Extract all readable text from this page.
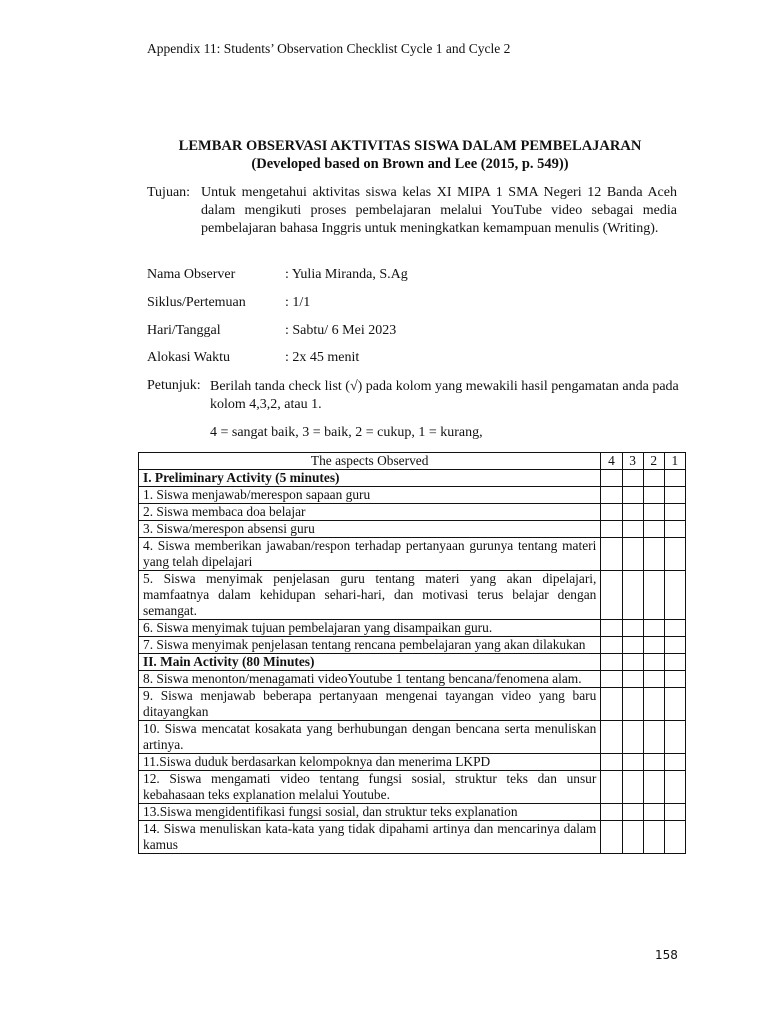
Appendix 11: Students’ Observation Checklist Cycle 1 and Cycle 2
LEMBAR OBSERVASI AKTIVITAS SISWA DALAM PEMBELAJARAN
(Developed based on Brown and Lee (2015, p. 549))
Tujuan: Untuk mengetahui aktivitas siswa kelas XI MIPA 1 SMA Negeri 12 Banda Aceh dalam mengikuti proses pembelajaran melalui YouTube video sebagai media pembelajaran bahasa Inggris untuk meningkatkan kemampuan menulis (Writing).
Nama Observer	: Yulia Miranda, S.Ag
Siklus/Pertemuan	: 1/1
Hari/Tanggal	: Sabtu/ 6 Mei 2023
Alokasi Waktu	: 2x 45 menit
Petunjuk: Berilah tanda check list (√) pada kolom yang mewakili hasil pengamatan anda pada kolom 4,3,2, atau 1.
4 = sangat baik, 3 = baik, 2 = cukup, 1 = kurang,
The aspects Observed	4	3	2	1
I. Preliminary Activity (5 minutes)				
1. Siswa menjawab/merespon sapaan guru				
2. Siswa membaca doa belajar				
3. Siswa/merespon absensi guru				
4. Siswa memberikan jawaban/respon terhadap pertanyaan gurunya tentang materi yang telah dipelajari				
5. Siswa menyimak penjelasan guru tentang materi yang akan dipelajari, mamfaatnya dalam kehidupan sehari-hari, dan motivasi terus belajar dengan semangat.				
6. Siswa menyimak tujuan pembelajaran yang disampaikan guru.				
7. Siswa menyimak penjelasan tentang rencana pembelajaran yang akan dilakukan				
II. Main Activity (80 Minutes)				
8. Siswa menonton/menagamati videoYoutube 1 tentang bencana/fenomena alam.				
9. Siswa menjawab beberapa pertanyaan mengenai tayangan video yang baru ditayangkan				
10. Siswa mencatat kosakata yang berhubungan dengan bencana serta menuliskan artinya.				
11.Siswa duduk berdasarkan kelompoknya dan menerima LKPD				
12. Siswa mengamati video tentang fungsi sosial, struktur teks dan unsur kebahasaan teks explanation melalui Youtube.				
13.Siswa mengidentifikasi fungsi sosial, dan struktur teks explanation				
14. Siswa menuliskan kata-kata yang tidak dipahami artinya dan mencarinya dalam kamus				
158
